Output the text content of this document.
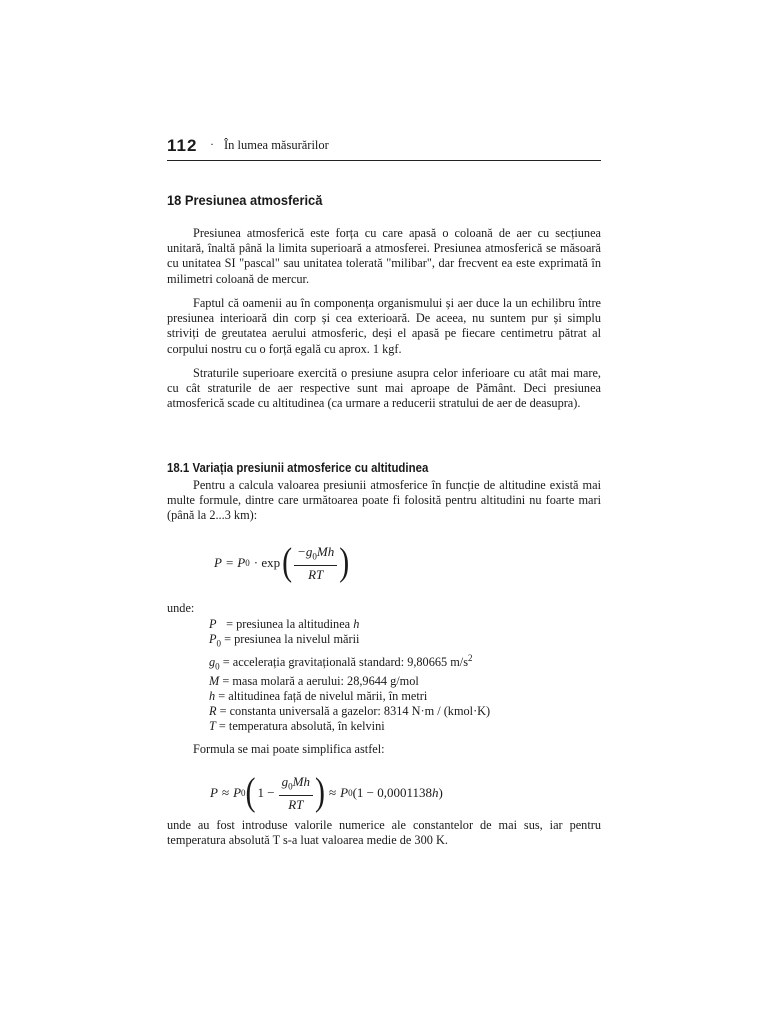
112 · În lumea măsurărilor
18 Presiunea atmosferică

Presiunea atmosferică este forța cu care apasă o coloană de aer cu secțiunea unitară, înaltă până la limita superioară a atmosferei. Presiunea atmosferică se măsoară cu unitatea SI "pascal" sau unitatea tolerată "milibar", dar frecvent ea este exprimată în milimetri coloană de mercur.

Faptul că oamenii au în componența organismului și aer duce la un echilibru între presiunea interioară din corp și cea exterioară. De aceea, nu suntem pur și simplu striviți de greutatea aerului atmosferic, deși el apasă pe fiecare centimetru pătrat al corpului nostru cu o forță egală cu aprox. 1 kgf.

Straturile superioare exercită o presiune asupra celor inferioare cu atât mai mare, cu cât straturile de aer respective sunt mai aproape de Pământ. Deci presiunea atmosferică scade cu altitudinea (ca urmare a reducerii stratului de aer de deasupra).

18.1 Variația presiunii atmosferice cu altitudinea

Pentru a calcula valoarea presiunii atmosferice în funcție de altitudine există mai multe formule, dintre care următoarea poate fi folosită pentru altitudini nu foarte mari (până la 2...3 km):

P = P 0 · exp ( $\frac{-g_0Mh}{RT}$ )

unde:

P = presiunea la altitudinea h
$P_0$ = presiunea la nivelul mării
$g_0$ = accelerația gravitațională standard: 9,80665 $m/s^2$
M = masa molară a aerului: 28,9644 g/mol
h = altitudinea față de nivelul mării, în metri
R = constanta universală a gazelor: 8314 N·m / (kmol·K)
T = temperatura absolută, în kelvini

Formula se mai poate simplifica astfel:

P ≈ P 0 ( $1 - \frac{g_0Mh}{RT}$ ) ≈ P 0 (1 − 0,0001138 h )

unde au fost introduse valorile numerice ale constantelor de mai sus, iar pentru temperatura absolută T s-a luat valoarea medie de 300 K.
